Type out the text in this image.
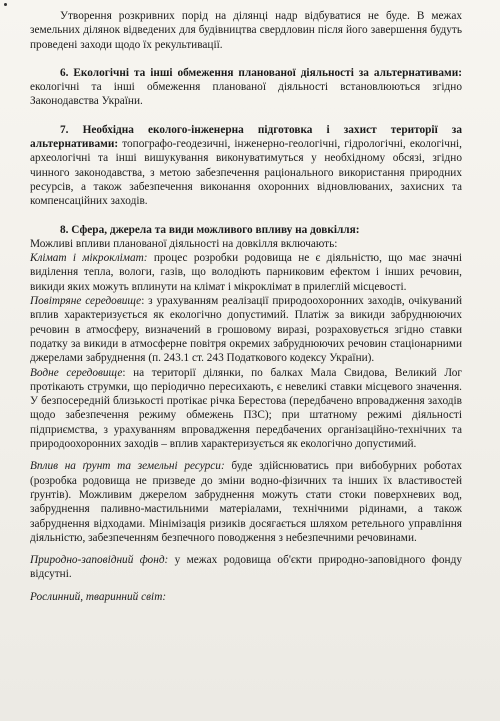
Утворення розкривних порід на ділянці надр відбуватися не буде. В межах земельних ділянок відведених для будівництва свердловин після його завершення будуть проведені заходи щодо їх рекультивації.

6. Екологічні та інші обмеження планованої діяльності за альтернативами: екологічні та інші обмеження планованої діяльності встановлюються згідно Законодавства України.

7. Необхідна еколого-інженерна підготовка і захист території за альтернативами: топографо-геодезичні, інженерно-геологічні, гідрологічні, екологічні, археологічні та інші вишукування виконуватимуться у необхідному обсязі, згідно чинного законодавства, з метою забезпечення раціонального використання природних ресурсів, а також забезпечення виконання охоронних відновлюваних, захисних та компенсаційних заходів.

8. Сфера, джерела та види можливого впливу на довкілля:

Можливі впливи планованої діяльності на довкілля включають:

Клімат і мікроклімат: процес розробки родовища не є діяльністю, що має значні виділення тепла, вологи, газів, що володіють парниковим ефектом і інших речовин, викиди яких можуть вплинути на клімат і мікроклімат в прилеглій місцевості.

Повітряне середовище: з урахуванням реалізації природоохоронних заходів, очікуваний вплив характеризується як екологічно допустимий. Платіж за викиди забруднюючих речовин в атмосферу, визначений в грошовому виразі, розраховується згідно ставки податку за викиди в атмосферне повітря окремих забруднюючих речовин стаціонарними джерелами забруднення (п. 243.1 ст. 243 Податкового кодексу України).

Водне середовище: на території ділянки, по балках Мала Свидова, Великий Лог протікають струмки, що періодично пересихають, є невеликі ставки місцевого значення. У безпосередній близькості протікає річка Берестова (передбачено впровадження заходів щодо забезпечення режиму обмежень ПЗС); при штатному режимі діяльності підприємства, з урахуванням впровадження передбачених організаційно-технічних та природоохоронних заходів – вплив характеризується як екологічно допустимий.

Вплив на ґрунт та земельні ресурси: буде здійснюватись при вибобурних роботах (розробка родовища не призведе до зміни водно-фізичних та інших їх властивостей ґрунтів). Можливим джерелом забруднення можуть стати стоки поверхневих вод, забруднення паливно-мастильними матеріалами, технічними рідинами, а також забруднення відходами. Мінімізація ризиків досягається шляхом ретельного управління діяльністю, забезпеченням безпечного поводження з небезпечними речовинами.

Природно-заповідний фонд: у межах родовища об'єкти природно-заповідного фонду відсутні.

Рослинний, тваринний світ:
